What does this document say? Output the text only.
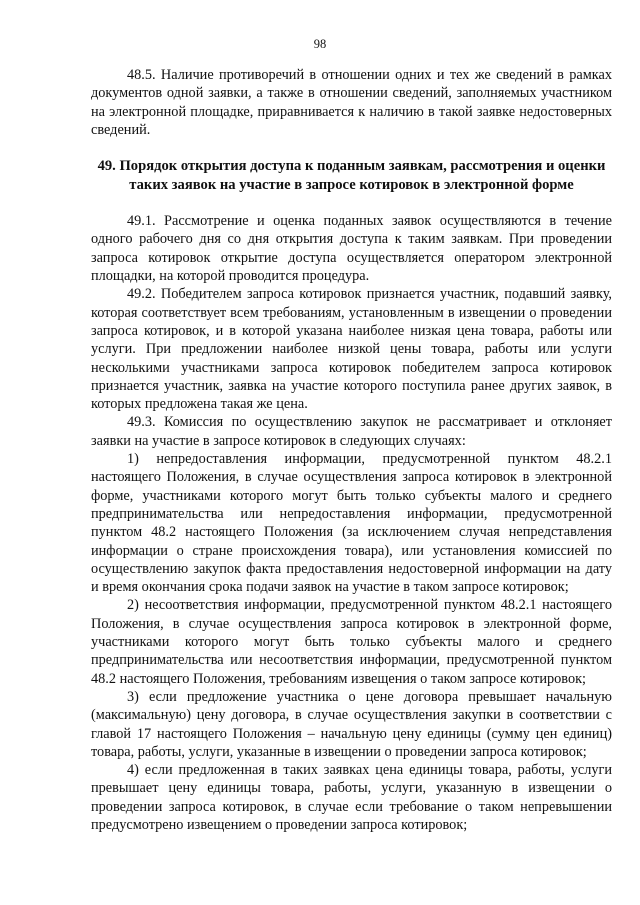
98

48.5. Наличие противоречий в отношении одних и тех же сведений в рамках документов одной заявки, а также в отношении сведений, заполняемых участником на электронной площадке, приравнивается к наличию в такой заявке недостоверных сведений.

49. Порядок открытия доступа к поданным заявкам, рассмотрения и оценки таких заявок на участие в запросе котировок в электронной форме

49.1. Рассмотрение и оценка поданных заявок осуществляются в течение одного рабочего дня со дня открытия доступа к таким заявкам. При проведении запроса котировок открытие доступа осуществляется оператором электронной площадки, на которой проводится процедура.

49.2. Победителем запроса котировок признается участник, подавший заявку, которая соответствует всем требованиям, установленным в извещении о проведении запроса котировок, и в которой указана наиболее низкая цена товара, работы или услуги. При предложении наиболее низкой цены товара, работы или услуги несколькими участниками запроса котировок победителем запроса котировок признается участник, заявка на участие которого поступила ранее других заявок, в которых предложена такая же цена.

49.3. Комиссия по осуществлению закупок не рассматривает и отклоняет заявки на участие в запросе котировок в следующих случаях:

1) непредоставления информации, предусмотренной пунктом 48.2.1 настоящего Положения, в случае осуществления запроса котировок в электронной форме, участниками которого могут быть только субъекты малого и среднего предпринимательства или непредоставления информации, предусмотренной пунктом 48.2 настоящего Положения (за исключением случая непредставления информации о стране происхождения товара), или установления комиссией по осуществлению закупок факта предоставления недостоверной информации на дату и время окончания срока подачи заявок на участие в таком запросе котировок;

2) несоответствия информации, предусмотренной пунктом 48.2.1 настоящего Положения, в случае осуществления запроса котировок в электронной форме, участниками которого могут быть только субъекты малого и среднего предпринимательства или несоответствия информации, предусмотренной пунктом 48.2 настоящего Положения, требованиям извещения о таком запросе котировок;

3) если предложение участника о цене договора превышает начальную (максимальную) цену договора, в случае осуществления закупки в соответствии с главой 17 настоящего Положения – начальную цену единицы (сумму цен единиц) товара, работы, услуги, указанные в извещении о проведении запроса котировок;

4) если предложенная в таких заявках цена единицы товара, работы, услуги превышает цену единицы товара, работы, услуги, указанную в извещении о проведении запроса котировок, в случае если требование о таком непревышении предусмотрено извещением о проведении запроса котировок;
